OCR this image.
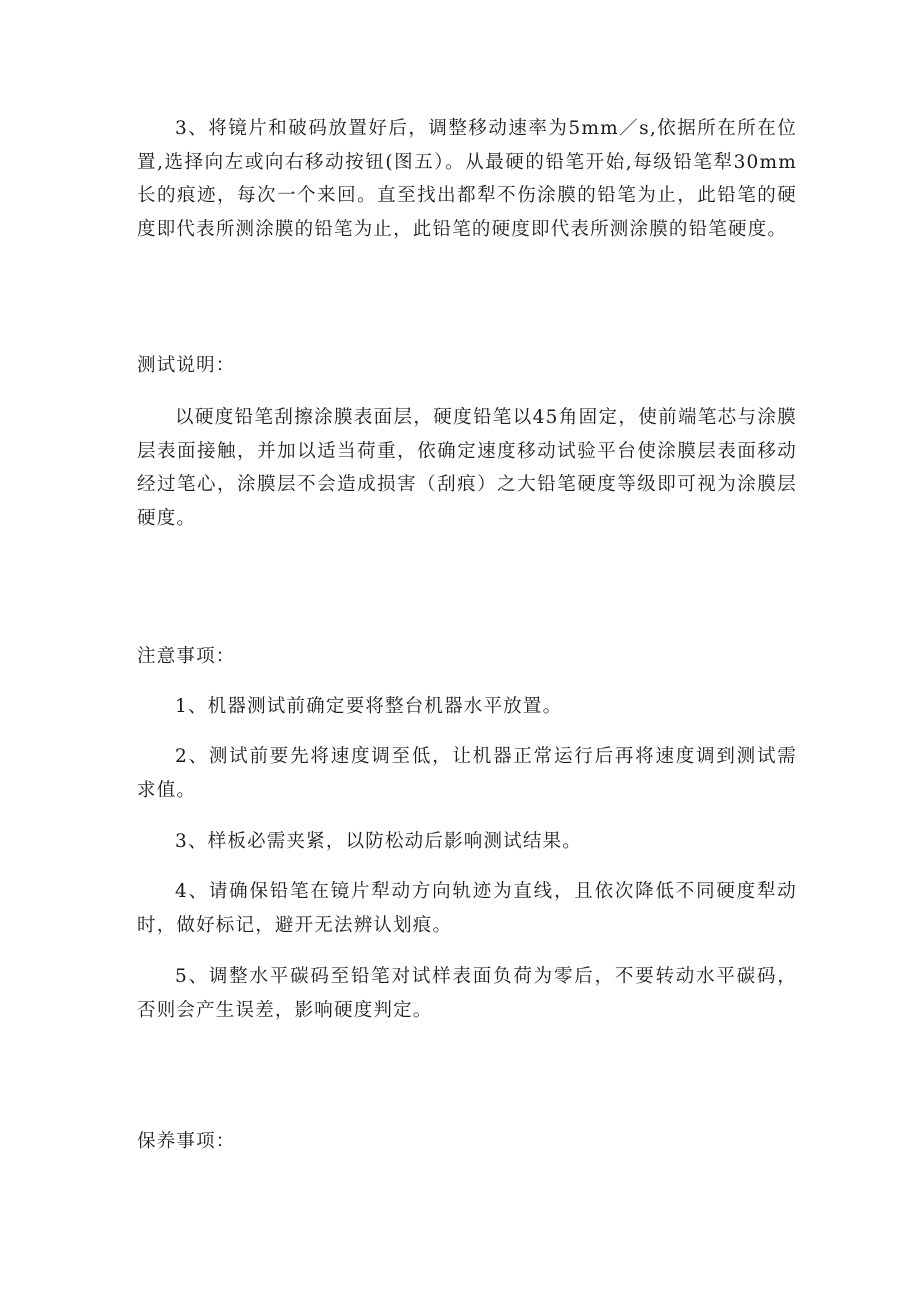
3、将镜片和破码放置好后，调整移动速率为5mm／s,依据所在所在位置,选择向左或向右移动按钮(图五）。从最硬的铅笔开始,每级铅笔犁30mm长的痕迹，每次一个来回。直至找出都犁不伤涂膜的铅笔为止，此铅笔的硬度即代表所测涂膜的铅笔为止，此铅笔的硬度即代表所测涂膜的铅笔硬度。

测试说明：

以硬度铅笔刮擦涂膜表面层，硬度铅笔以45角固定，使前端笔芯与涂膜层表面接触，并加以适当荷重，依确定速度移动试验平台使涂膜层表面移动经过笔心，涂膜层不会造成损害（刮痕）之大铅笔硬度等级即可视为涂膜层硬度。

注意事项：

1、机器测试前确定要将整台机器水平放置。

2、测试前要先将速度调至低，让机器正常运行后再将速度调到测试需求值。

3、样板必需夹紧，以防松动后影响测试结果。

4、请确保铅笔在镜片犁动方向轨迹为直线，且依次降低不同硬度犁动时，做好标记，避开无法辨认划痕。

5、调整水平碳码至铅笔对试样表面负荷为零后，不要转动水平碳码，否则会产生误差，影响硬度判定。

保养事项：
